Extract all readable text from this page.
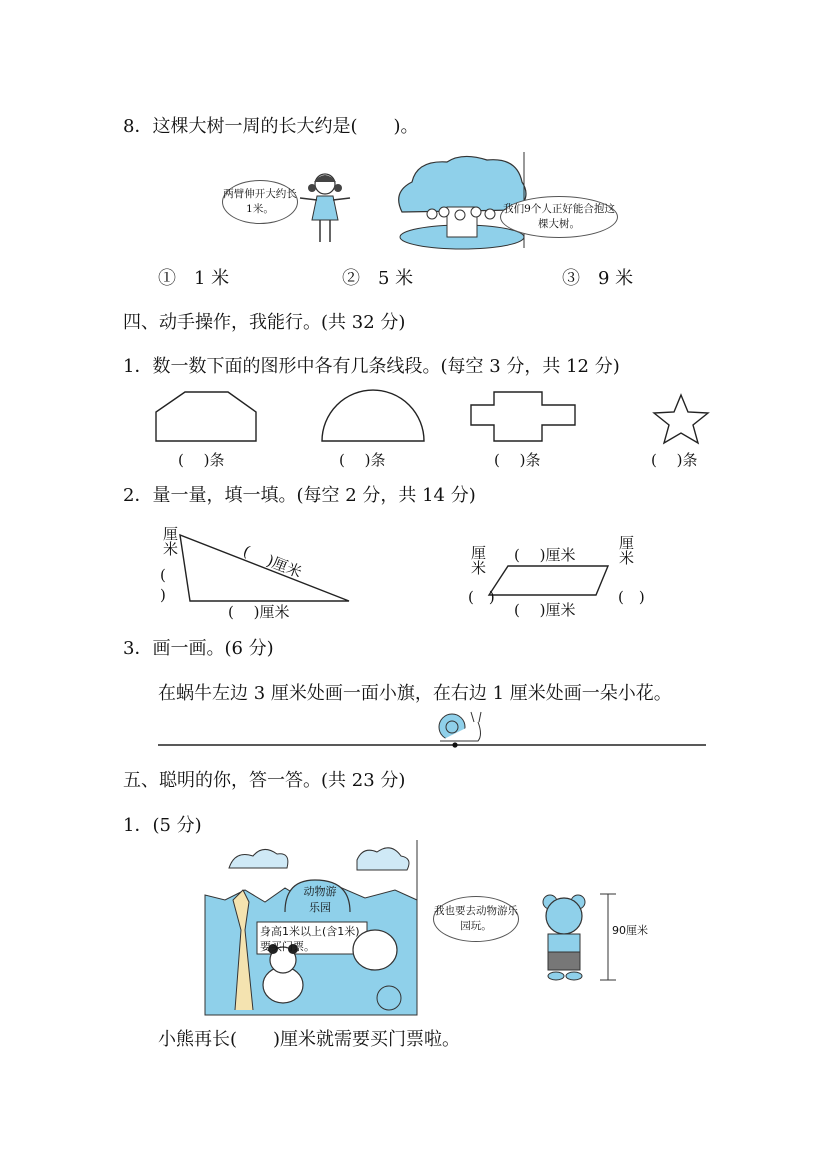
8．这棵大树一周的长大约是(　　)。
两臂伸开大约长1米。	我们9个人正好能合抱这棵大树。
①　1 米	②　5 米	③　9 米
四、动手操作，我能行。(共 32 分)
1．数一数下面的图形中各有几条线段。(每空 3 分，共 12 分)
(　 )条	(　 )条	(　 )条	(　 )条
2．量一量，填一填。(每空 2 分，共 14 分)
厘米
(
)
(　 )厘米
(　 )厘米
厘米
(　)
(　 )厘米
(　 )厘米
厘米
(　)
3．画一画。(6 分)
在蜗牛左边 3 厘米处画一面小旗，在右边 1 厘米处画一朵小花。
五、聪明的你，答一答。(共 23 分)
1．(5 分)
动物游乐园
身高1米以上(含1米)要买门票。
我也要去动物游乐园玩。	90厘米
小熊再长(　　)厘米就需要买门票啦。
